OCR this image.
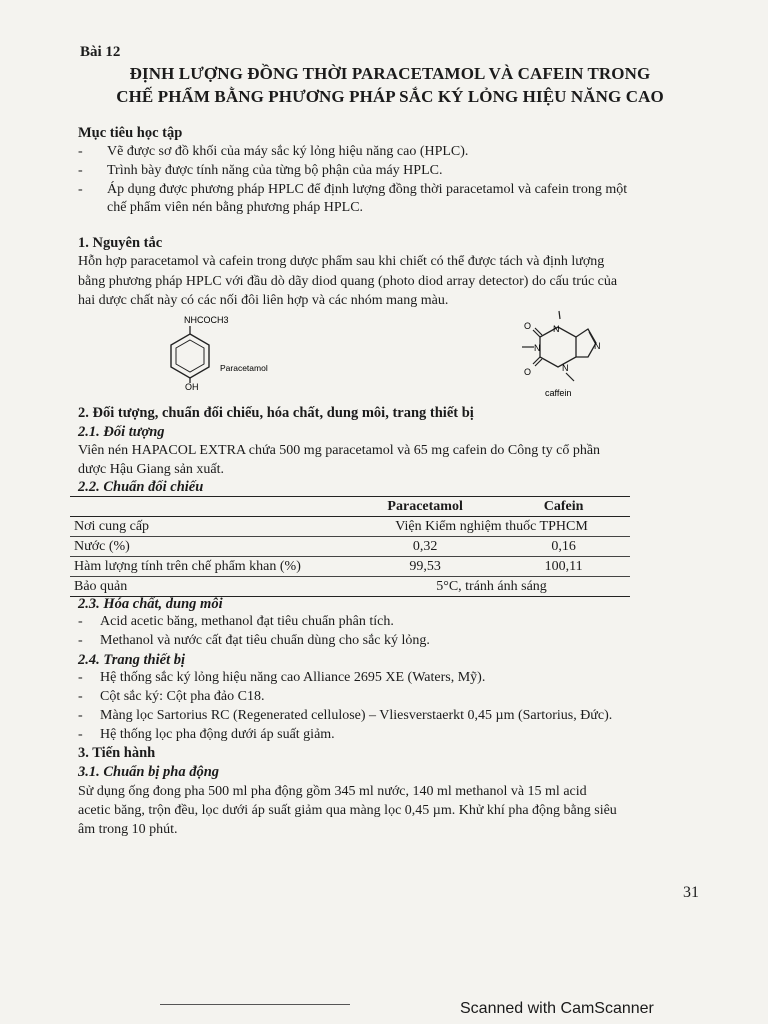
Bài 12
ĐỊNH LƯỢNG ĐỒNG THỜI PARACETAMOL VÀ CAFEIN TRONG
CHẾ PHẨM BẰNG PHƯƠNG PHÁP SẮC KÝ LỎNG HIỆU NĂNG CAO
Mục tiêu học tập
- Vẽ được sơ đồ khối của máy sắc ký lỏng hiệu năng cao (HPLC).
- Trình bày được tính năng của từng bộ phận của máy HPLC.
- Áp dụng được phương pháp HPLC để định lượng đồng thời paracetamol và cafein trong một
chế phẩm viên nén bằng phương pháp HPLC.
1. Nguyên tắc
Hỗn hợp paracetamol và cafein trong dược phẩm sau khi chiết có thể được tách và định lượng
bằng phương pháp HPLC với đầu dò dãy diod quang (photo diod array detector) do cấu trúc của
hai dược chất này có các nối đôi liên hợp và các nhóm mang màu.
NHCOCH3
OH
Paracetamol
O
O
N
N
N
N
caffein
2. Đối tượng, chuẩn đối chiếu, hóa chất, dung môi, trang thiết bị
2.1. Đối tượng
Viên nén HAPACOL EXTRA chứa 500 mg paracetamol và 65 mg cafein do Công ty cổ phần
dược Hậu Giang sản xuất.
2.2. Chuẩn đối chiếu
	Paracetamol	Cafein
Nơi cung cấp	Viện Kiểm nghiệm thuốc TPHCM	
Nước (%)	0,32	0,16
Hàm lượng tính trên chế phẩm khan (%)	99,53	100,11
Bảo quản	5°C, tránh ánh sáng	
2.3. Hóa chất, dung môi
- Acid acetic băng, methanol đạt tiêu chuẩn phân tích.
- Methanol và nước cất đạt tiêu chuẩn dùng cho sắc ký lỏng.
2.4. Trang thiết bị
- Hệ thống sắc ký lỏng hiệu năng cao Alliance 2695 XE (Waters, Mỹ).
- Cột sắc ký: Cột pha đảo C18.
- Màng lọc Sartorius RC (Regenerated cellulose) – Vliesverstaerkt 0,45 µm (Sartorius, Đức).
- Hệ thống lọc pha động dưới áp suất giảm.
3. Tiến hành
3.1. Chuẩn bị pha động
Sử dụng ống đong pha 500 ml pha động gồm 345 ml nước, 140 ml methanol và 15 ml acid
acetic băng, trộn đều, lọc dưới áp suất giảm qua màng lọc 0,45 µm. Khử khí pha động bằng siêu
âm trong 10 phút.
31
Scanned with CamScanner
